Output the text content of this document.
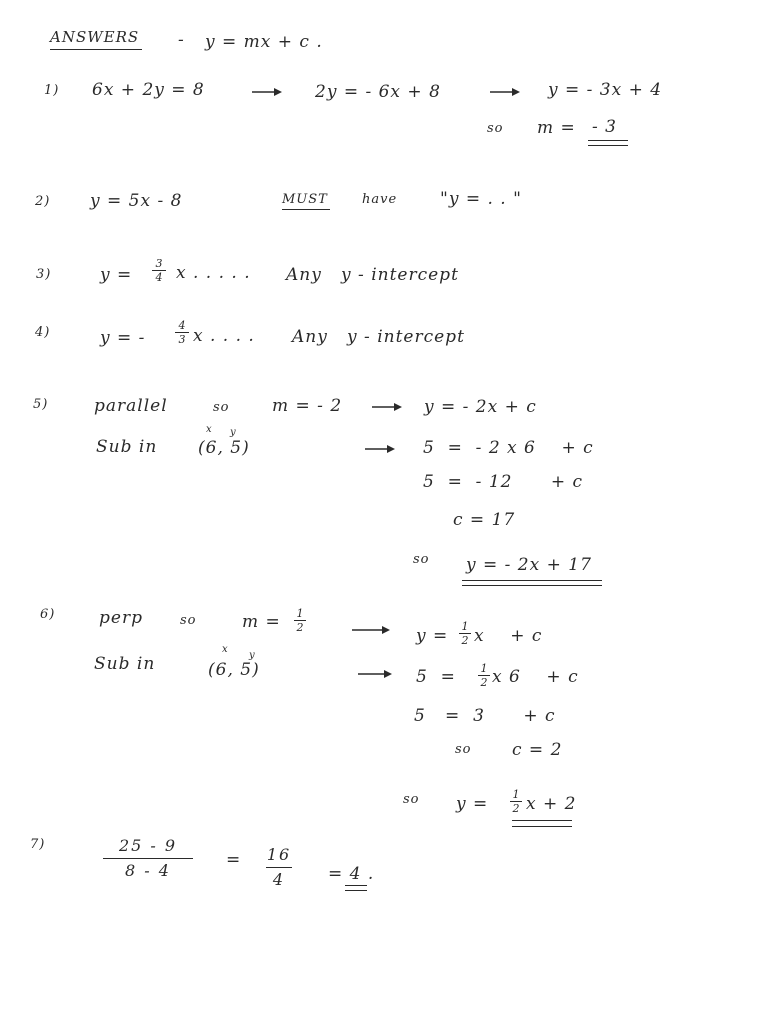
ANSWERS - y = mx + c .
1) 6x + 2y = 8	2y = - 6x + 8	y = - 3x + 4
so m = - 3
2) y = 5x - 8	MUST	have	"y = . . "
3)	y =
3
4 x . . . . . Any   y - intercept
4)	y = -
4
3 x . . . . Any   y - intercept
5)	parallel	so	m = - 2	y = - 2x + c
Sub in
x y
(6, 5)	5  =  - 2 x 6    + c
5  =  - 12      + c
c = 17
so y = - 2x + 17
6)	perp	so	m = 1
2	y = 1
2 x    + c
Sub in
x
y
(6, 5)	5  = 1
2 x 6    + c
5   =  3      + c
so c = 2
so y = 1
2 x + 2
7)	25 - 9
8 - 4
= 16
4	= 4 .
